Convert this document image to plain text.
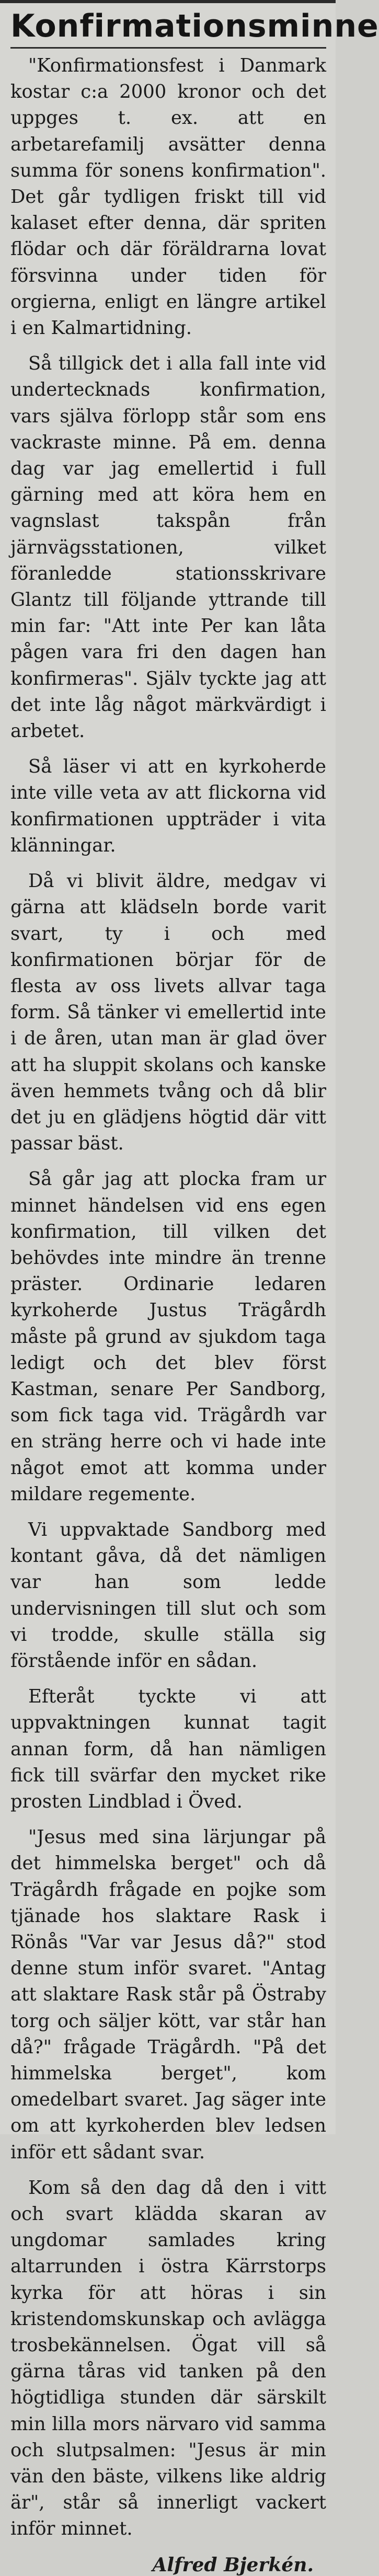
Konfirmationsminne

"Konfirmationsfest i Danmark kostar c:a 2000 kronor och det uppges t. ex. att en arbetarefamilj avsätter denna summa för sonens konfirmation". Det går tydligen friskt till vid kalaset efter denna, där spriten flödar och där föräldrarna lovat försvinna under tiden för orgierna, enligt en längre artikel i en Kalmartidning.

Så tillgick det i alla fall inte vid undertecknads konfirmation, vars själva förlopp står som ens vackraste minne. På em. denna dag var jag emellertid i full gärning med att köra hem en vagnslast takspån från järnvägsstationen, vilket föranledde stationsskrivare Glantz till följande yttrande till min far: "Att inte Per kan låta pågen vara fri den dagen han konfirmeras". Själv tyckte jag att det inte låg något märkvärdigt i arbetet.

Så läser vi att en kyrkoherde inte ville veta av att flickorna vid konfirmationen uppträder i vita klänningar.

Då vi blivit äldre, medgav vi gärna att klädseln borde varit svart, ty i och med konfirmationen börjar för de flesta av oss livets allvar taga form. Så tänker vi emellertid inte i de åren, utan man är glad över att ha sluppit skolans och kanske även hemmets tvång och då blir det ju en glädjens högtid där vitt passar bäst.

Så går jag att plocka fram ur minnet händelsen vid ens egen konfirmation, till vilken det behövdes inte mindre än trenne präster. Ordinarie ledaren kyrkoherde Justus Trägårdh måste på grund av sjukdom taga ledigt och det blev först Kastman, senare Per Sandborg, som fick taga vid. Trägårdh var en sträng herre och vi hade inte något emot att komma under mildare regemente.

Vi uppvaktade Sandborg med kontant gåva, då det nämligen var han som ledde undervisningen till slut och som vi trodde, skulle ställa sig förstående inför en sådan.

Efteråt tyckte vi att uppvaktningen kunnat tagit annan form, då han nämligen fick till svärfar den mycket rike prosten Lindblad i Öved.

"Jesus med sina lärjungar på det himmelska berget" och då Trägårdh frågade en pojke som tjänade hos slaktare Rask i Rönås "Var var Jesus då?" stod denne stum inför svaret. "Antag att slaktare Rask står på Östraby torg och säljer kött, var står han då?" frågade Trägårdh. "På det himmelska berget", kom omedelbart svaret. Jag säger inte om att kyrkoherden blev ledsen inför ett sådant svar.

Kom så den dag då den i vitt och svart klädda skaran av ungdomar samlades kring altarrunden i östra Kärrstorps kyrka för att höras i sin kristendomskunskap och avlägga trosbekännelsen. Ögat vill så gärna tåras vid tanken på den högtidliga stunden där särskilt min lilla mors närvaro vid samma och slutpsalmen: "Jesus är min vän den bäste, vilkens like aldrig är", står så innerligt vackert inför minnet.

Alfred Bjerkén.
